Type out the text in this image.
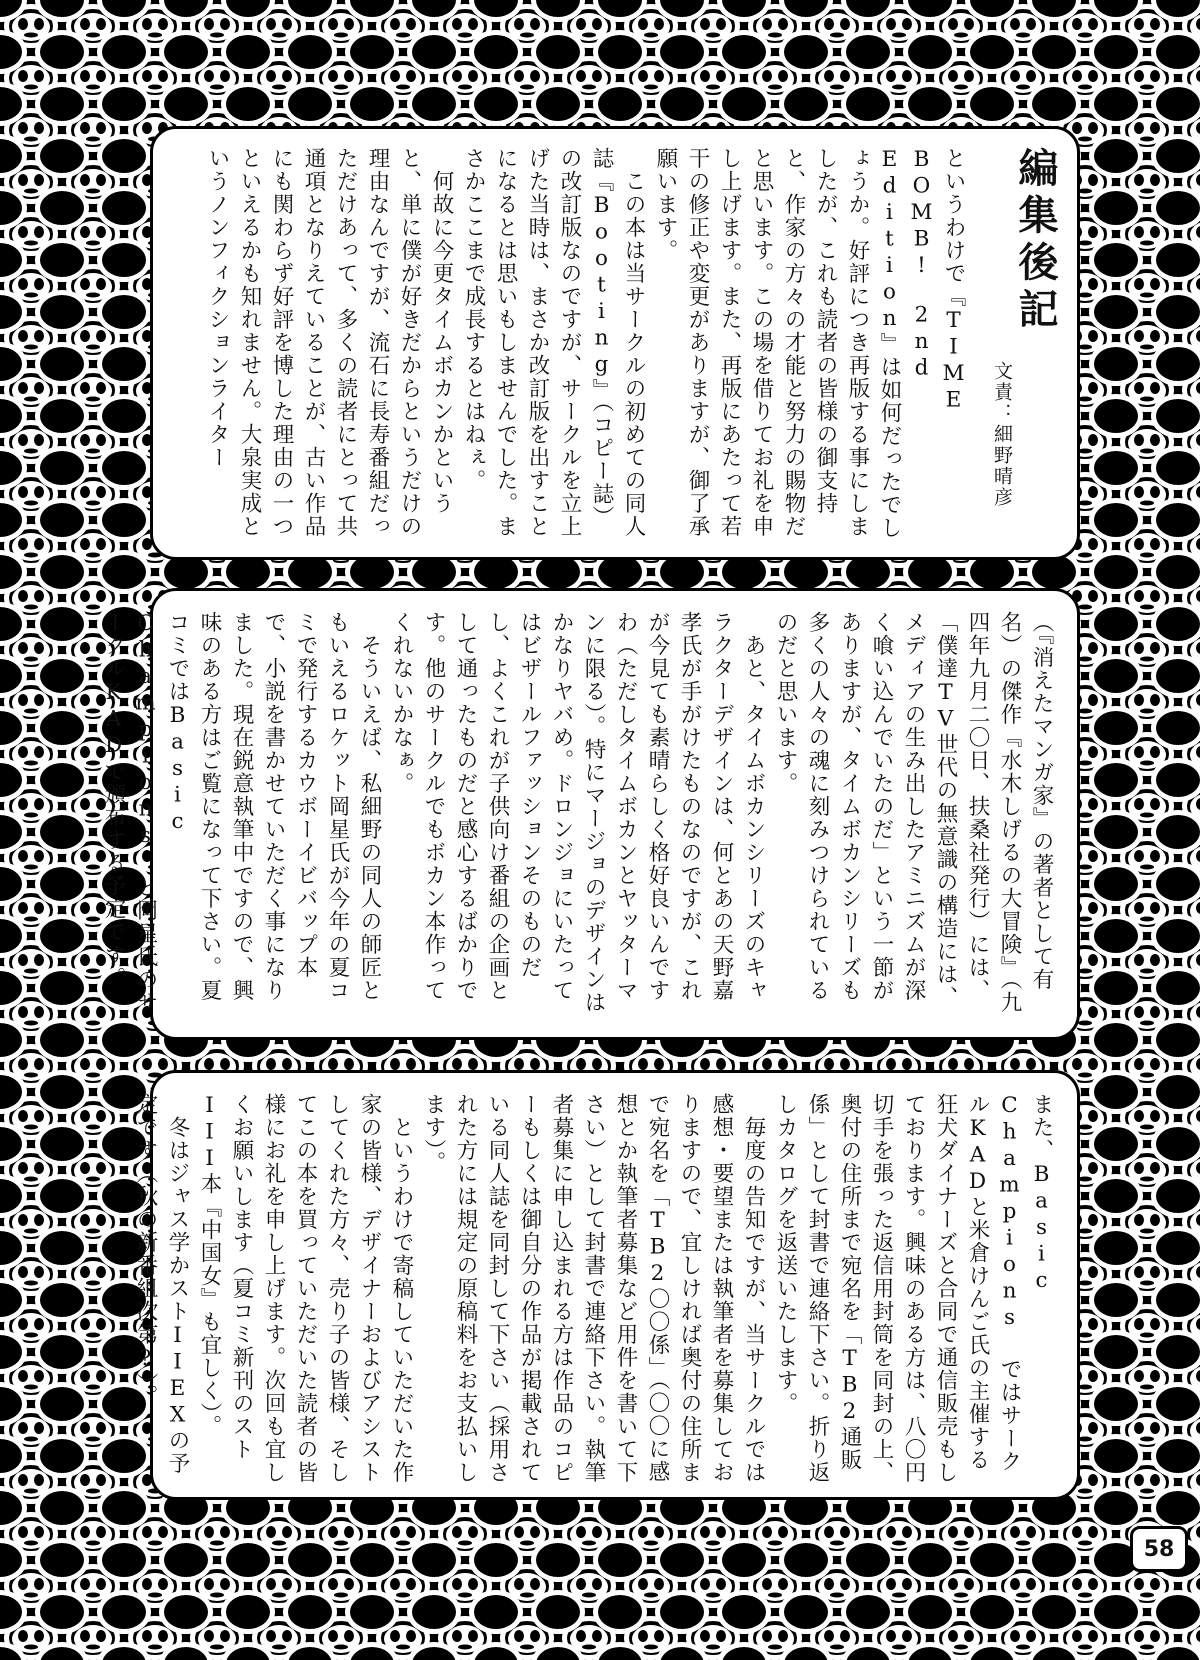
編集後記
文責：細野晴彦
というわけで『TIME　BOMB!　2nd Edition』は如何だったでしょうか。好評につき再版する事にしましたが、これも読者の皆様の御支持と、作家の方々の才能と努力の賜物だと思います。この場を借りてお礼を申し上げます。また、再版にあたって若干の修正や変更がありますが、御了承願います。
　この本は当サークルの初めての同人誌『Booting』（コピー誌）の改訂版なのですが、サークルを立上げた当時は、まさか改訂版を出すことになるとは思いもしませんでした。まさかここまで成長するとはねぇ。
　何故に今更タイムボカンかというと、単に僕が好きだからというだけの理由なんですが、流石に長寿番組だっただけあって、多くの読者にとって共通項となりえていることが、古い作品にも関わらず好評を博した理由の一つといえるかも知れません。大泉実成というノンフィクションライター
（『消えたマンガ家』の著者として有名）の傑作『水木しげるの大冒険』（九四年九月二〇日、扶桑社発行）には、「僕達TV世代の無意識の構造には、メディアの生み出したアミニズムが深く喰い込んでいたのだ」という一節がありますが、タイムボカンシリーズも多くの人々の魂に刻みつけられているのだと思います。
　あと、タイムボカンシリーズのキャラクターデザインは、何とあの天野嘉孝氏が手がけたものなのですが、これが今見ても素晴らしく格好良いんですわ（ただしタイムボカンとヤッターマンに限る）。特にマージョのデザインはかなりヤバめ。ドロンジョにいたってはビザールファッションそのものだし、よくこれが子供向け番組の企画として通ったものだと感心するばかりです。他のサークルでもボカン本作ってくれないかなぁ。
　そういえば、私細野の同人の師匠ともいえるロケット岡星氏が今年の夏コミで発行するカウボーイビバップ本で、小説を書かせていただく事になりました。現在鋭意執筆中ですので、興味のある方はご覧になって下さい。夏コミではBasic Champions と岡星氏のサークルKADで頒布する予定です。
また、Basic Champions ではサークルKADと米倉けんご氏の主催する狂犬ダイナーズと合同で通信販売もしております。興味のある方は、八〇円切手を張った返信用封筒を同封の上、奥付の住所まで宛名を「TB2通販係」として封書で連絡下さい。折り返しカタログを返送いたします。
　毎度の告知ですが、当サークルでは感想・要望または執筆者を募集しておりますので、宜しければ奥付の住所まで宛名を「TB2〇〇係」（〇〇に感想とか執筆者募集など用件を書いて下さい）として封書で連絡下さい。執筆者募集に申し込まれる方は作品のコピーもしくは御自分の作品が掲載されている同人誌を同封して下さい（採用された方には規定の原稿料をお支払いします）。
　というわけで寄稿していただいた作家の皆様、デザイナーおよびアシストしてくれた方々、売り子の皆様、そしてこの本を買っていただいた読者の皆様にお礼を申し上げます。次回も宜しくお願いします（夏コミ新刊のストIII本『中国女』も宜しく）。
　冬はジャス学かストIIEXの予定です（秋の新番組次第?）。
58
